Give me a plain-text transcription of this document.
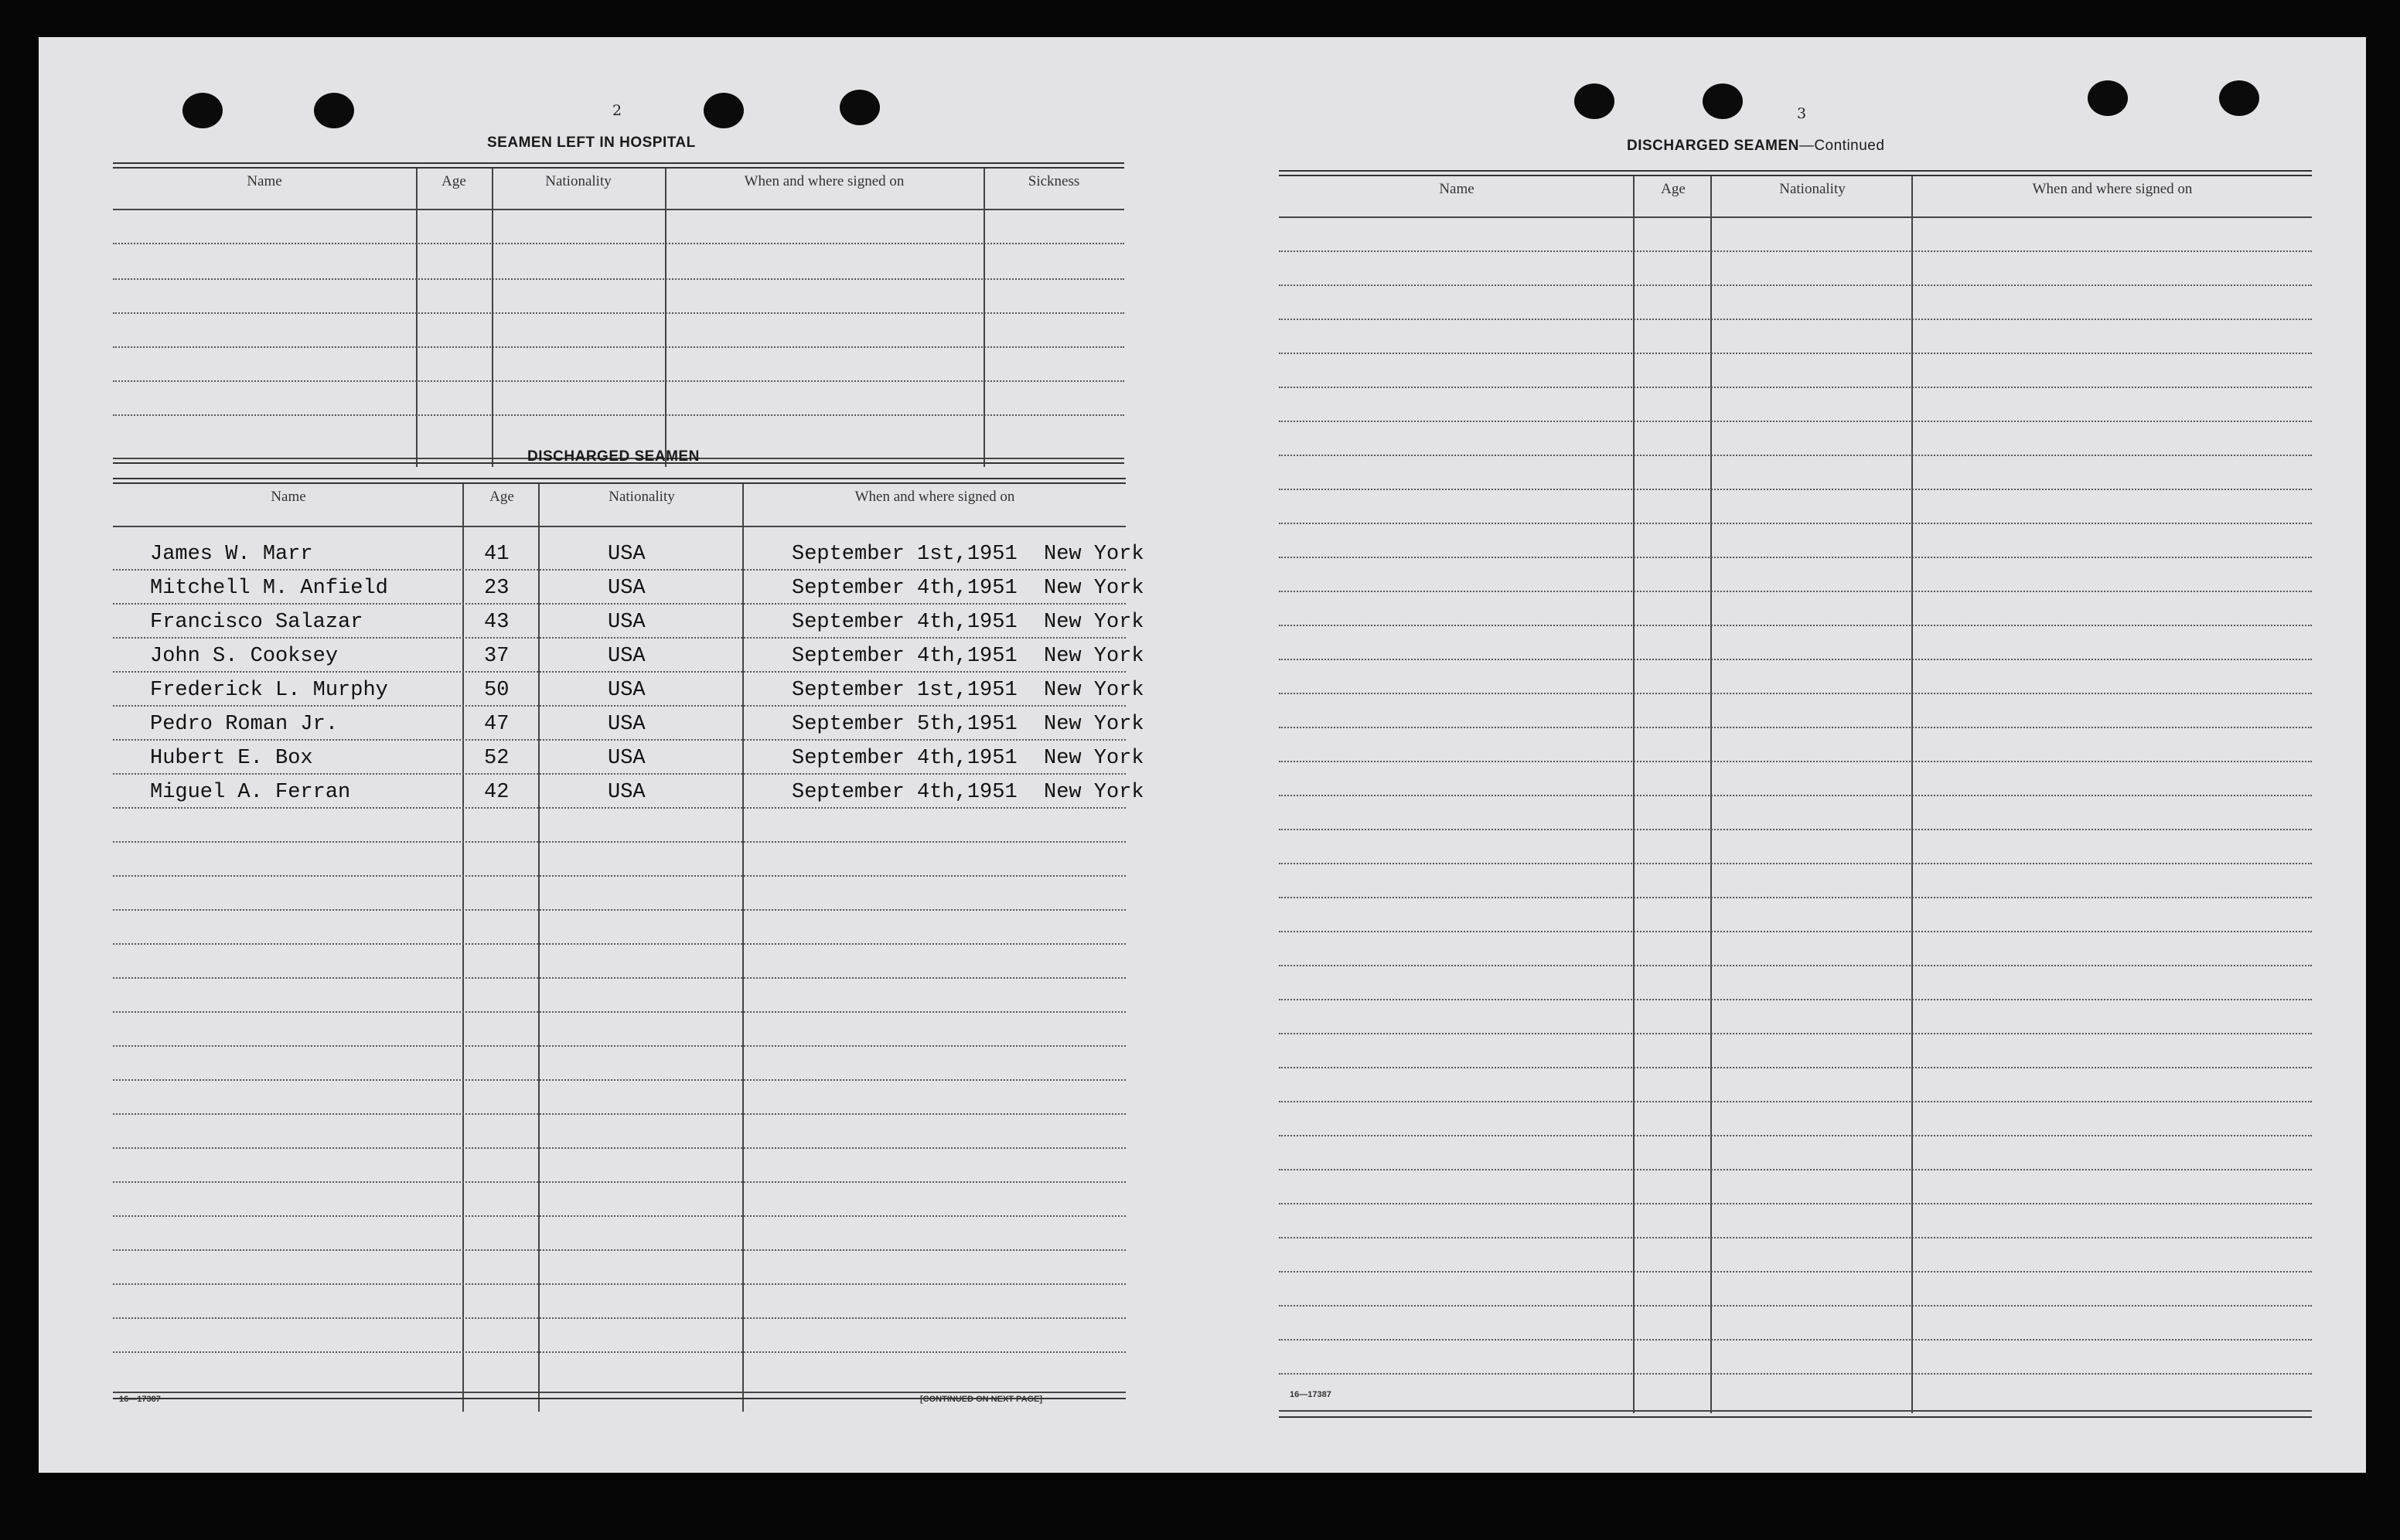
2
SEAMEN LEFT IN HOSPITAL
Name	Age	Nationality	When and where signed on	Sickness
DISCHARGED SEAMEN
Name	Age	Nationality	When and where signed on
James W. Marr	41	USA	September 1st,1951 New York
Mitchell M. Anfield	23	USA	September 4th,1951 New York
Francisco Salazar	43	USA	September 4th,1951 New York
John S. Cooksey	37	USA	September 4th,1951 New York
Frederick L. Murphy	50	USA	September 1st,1951 New York
Pedro Roman Jr.	47	USA	September 5th,1951 New York
Hubert E. Box	52	USA	September 4th,1951 New York
Miguel A. Ferran	42	USA	September 4th,1951 New York
16—17387	[CONTINUED ON NEXT PAGE]
3
DISCHARGED SEAMEN—Continued
Name	Age	Nationality	When and where signed on
16—17387
